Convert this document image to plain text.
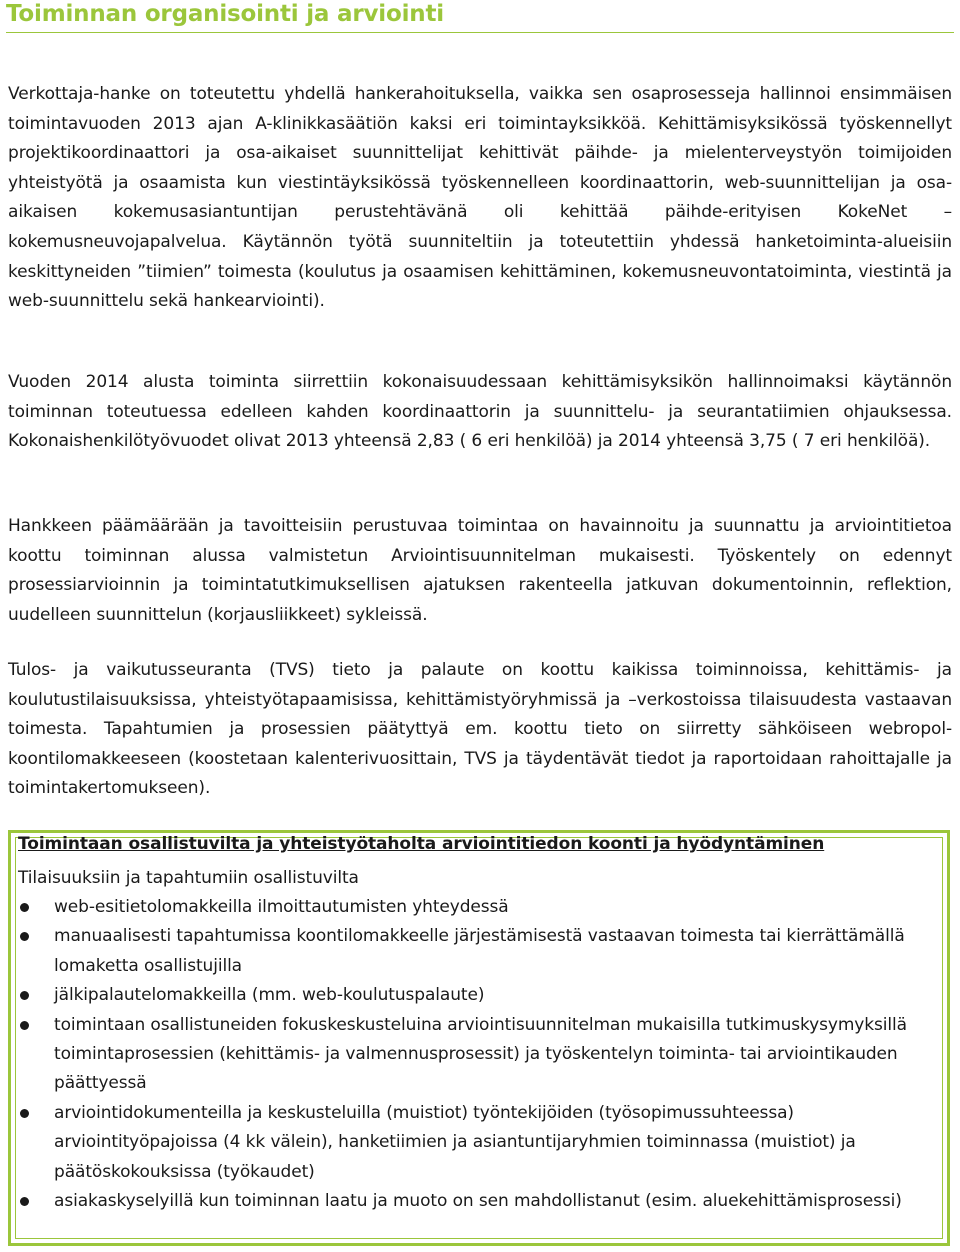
Toiminnan organisointi ja arviointi

Verkottaja-hanke on toteutettu yhdellä hankerahoituksella, vaikka sen osaprosesseja hallinnoi ensimmäisen toimintavuoden 2013 ajan A-klinikkasäätiön kaksi eri toimintayksikköä. Kehittämisyksikössä työskennellyt projektikoordinaattori ja osa-aikaiset suunnittelijat kehittivät päihde- ja mielenterveystyön toimijoiden yhteistyötä ja osaamista kun viestintäyksikössä työskennelleen koordinaattorin, web-suunnittelijan ja osa-aikaisen kokemusasiantuntijan perustehtävänä oli kehittää päihde-erityisen KokeNet –kokemusneuvojapalvelua. Käytännön työtä suunniteltiin ja toteutettiin yhdessä hanketoiminta-alueisiin keskittyneiden ”tiimien” toimesta (koulutus ja osaamisen kehittäminen, kokemusneuvontatoiminta, viestintä ja web-suunnittelu sekä hankearviointi).

Vuoden 2014 alusta toiminta siirrettiin kokonaisuudessaan kehittämisyksikön hallinnoimaksi käytännön toiminnan toteutuessa edelleen kahden koordinaattorin ja suunnittelu- ja seurantatiimien ohjauksessa. Kokonaishenkilötyövuodet olivat 2013 yhteensä 2,83 ( 6 eri henkilöä) ja 2014 yhteensä 3,75 ( 7 eri henkilöä).

Hankkeen päämäärään ja tavoitteisiin perustuvaa toimintaa on havainnoitu ja suunnattu ja arviointitietoa koottu toiminnan alussa valmistetun Arviointisuunnitelman mukaisesti. Työskentely on edennyt prosessiarvioinnin ja toimintatutkimuksellisen ajatuksen rakenteella jatkuvan dokumentoinnin, reflektion, uudelleen suunnittelun (korjausliikkeet) sykleissä.

Tulos- ja vaikutusseuranta (TVS) tieto ja palaute on koottu kaikissa toiminnoissa, kehittämis- ja koulutustilaisuuksissa, yhteistyötapaamisissa, kehittämistyöryhmissä ja –verkostoissa tilaisuudesta vastaavan toimesta. Tapahtumien ja prosessien päätyttyä em. koottu tieto on siirretty sähköiseen webropol-koontilomakkeeseen (koostetaan kalenterivuosittain, TVS ja täydentävät tiedot ja raportoidaan rahoittajalle ja toimintakertomukseen).

Toimintaan osallistuvilta ja yhteistyötaholta arviointitiedon koonti ja hyödyntäminen

Tilaisuuksiin ja tapahtumiin osallistuvilta

web-esitietolomakkeilla ilmoittautumisten yhteydessä
manuaalisesti tapahtumissa koontilomakkeelle järjestämisestä vastaavan toimesta tai kierrättämällä lomaketta osallistujilla
jälkipalautelomakkeilla (mm. web-koulutuspalaute)
toimintaan osallistuneiden fokuskeskusteluina arviointisuunnitelman mukaisilla tutkimuskysymyksillä toimintaprosessien (kehittämis- ja valmennusprosessit) ja työskentelyn toiminta- tai arviointikauden päättyessä
arviointidokumenteilla ja keskusteluilla (muistiot) työntekijöiden (työsopimussuhteessa) arviointityöpajoissa (4 kk välein), hanketiimien ja asiantuntijaryhmien toiminnassa (muistiot) ja päätöskokouksissa (työkaudet)
asiakaskyselyillä kun toiminnan laatu ja muoto on sen mahdollistanut (esim. aluekehittämisprosessi)
